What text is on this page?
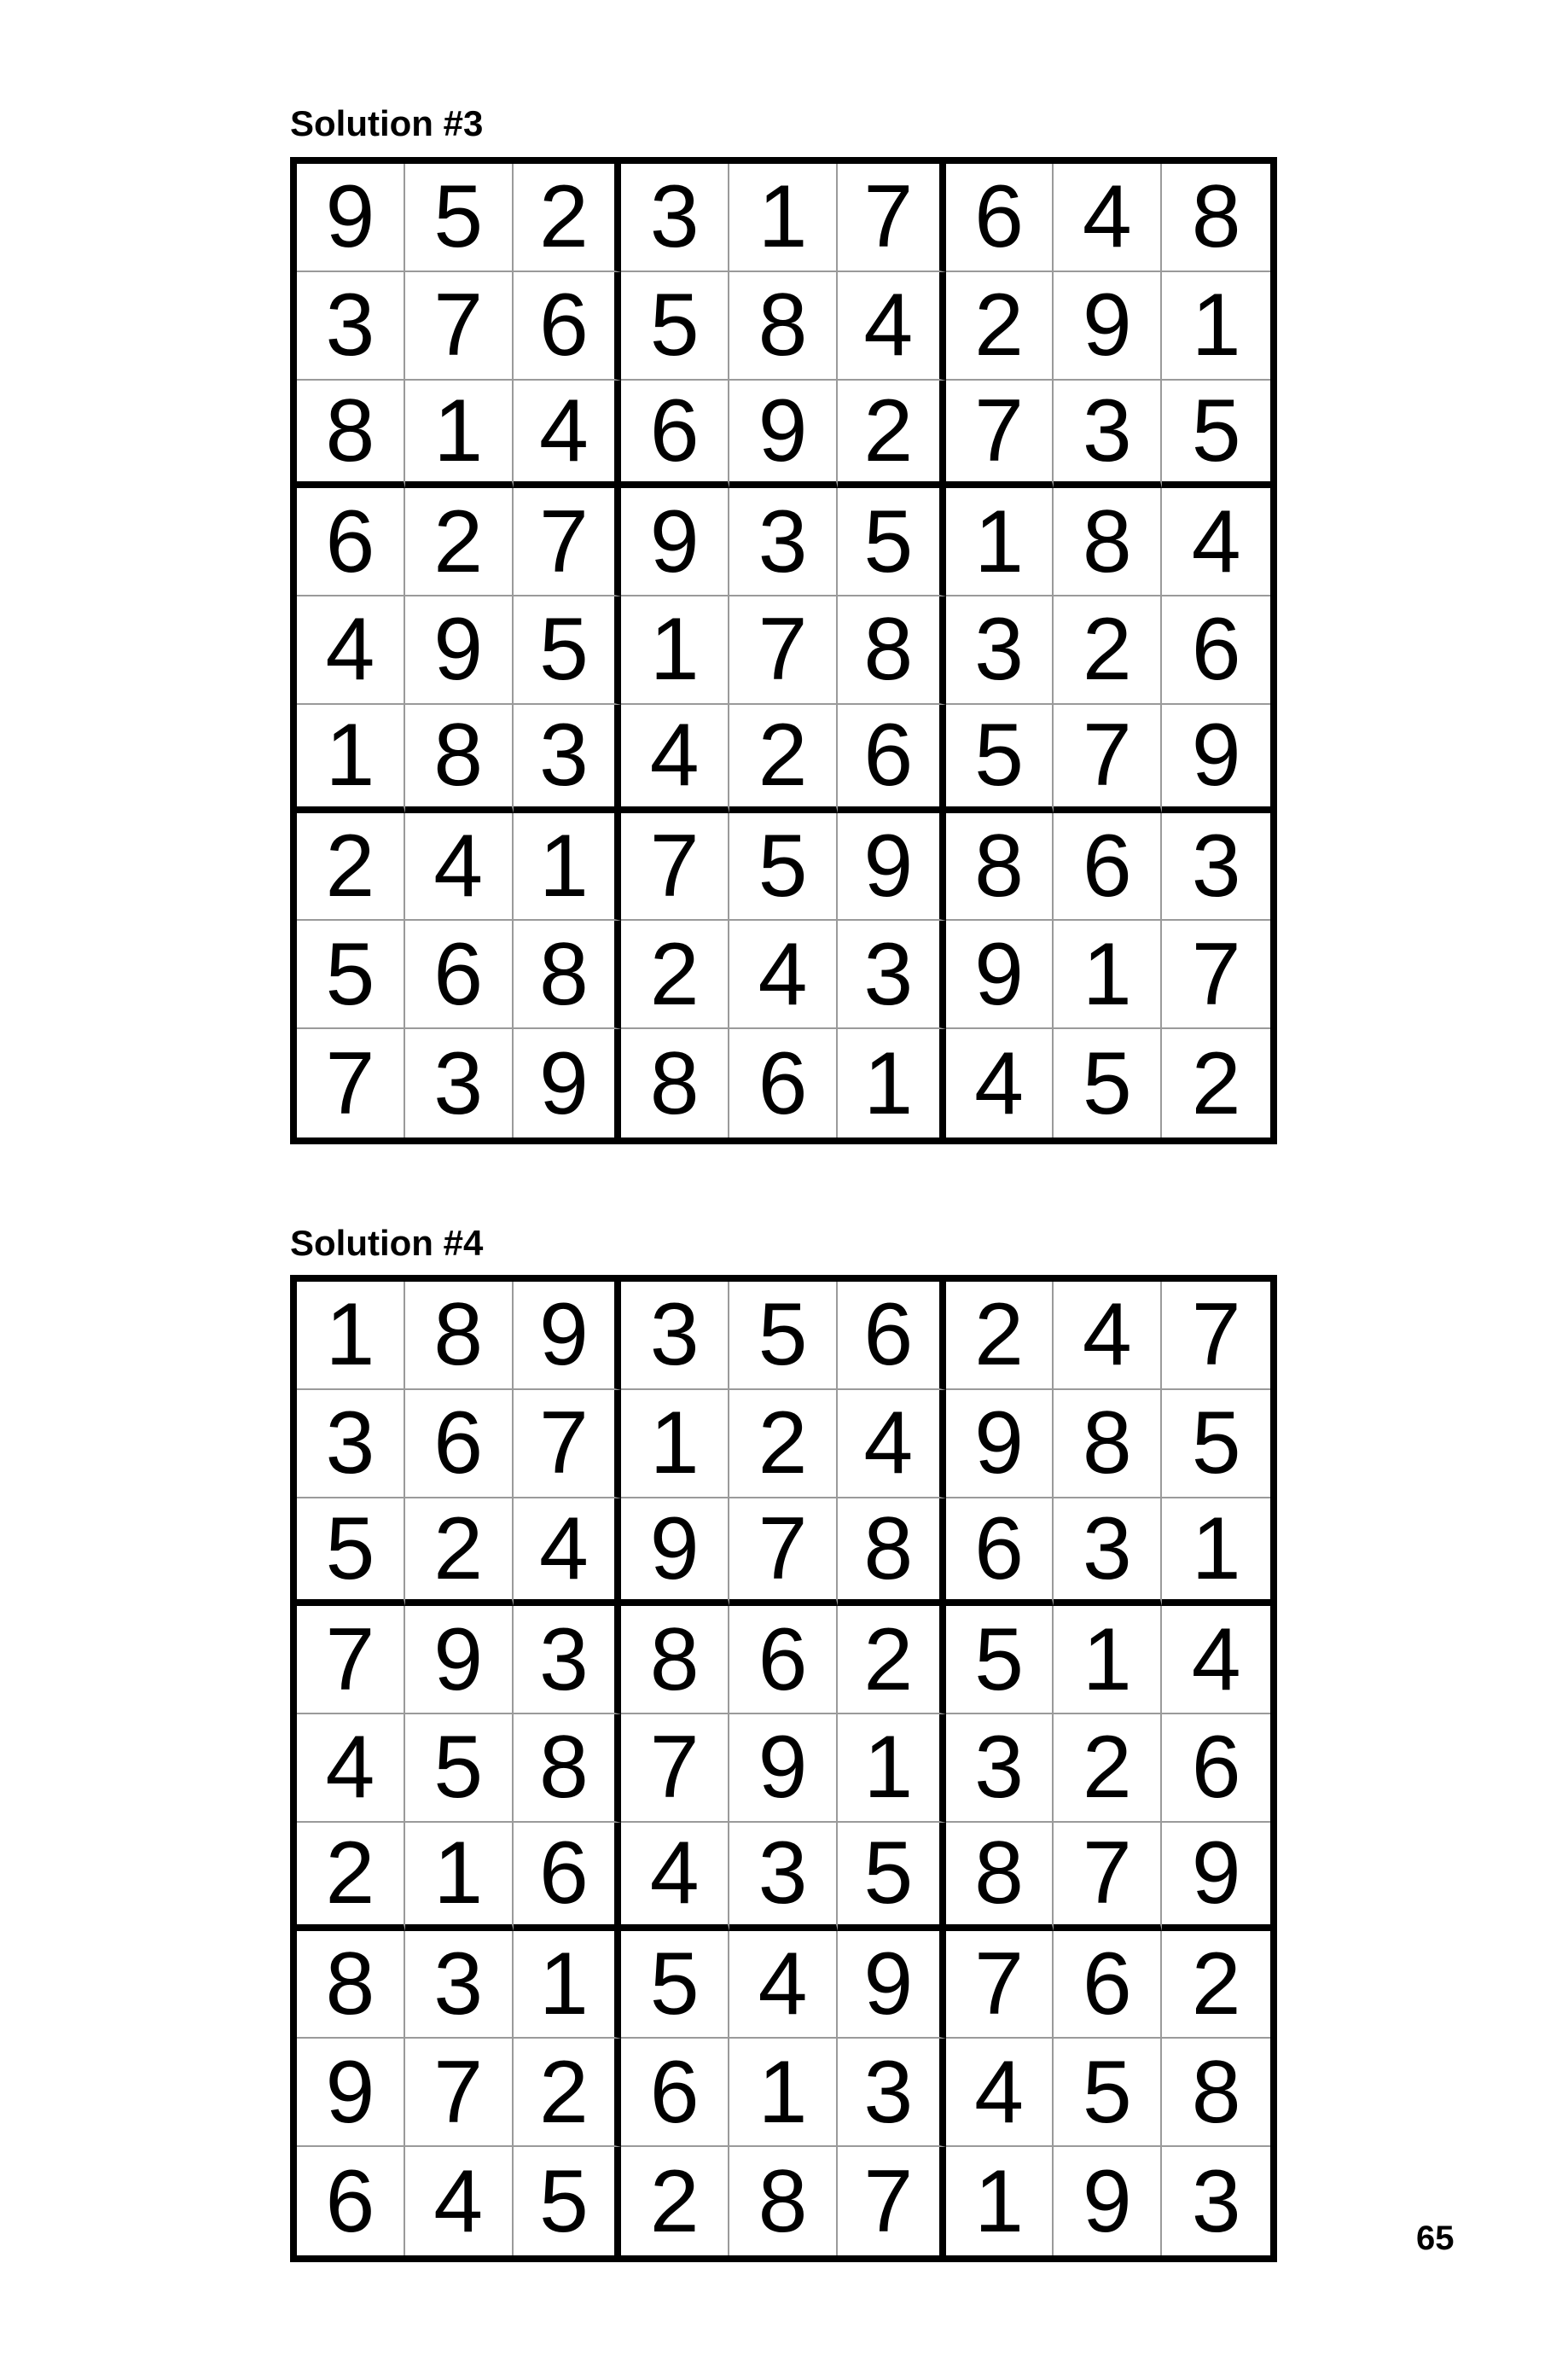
Solution #3
9 5 2 3 1 7 6 4 8
3 7 6 5 8 4 2 9 1
8 1 4 6 9 2 7 3 5
6 2 7 9 3 5 1 8 4
4 9 5 1 7 8 3 2 6
1 8 3 4 2 6 5 7 9
2 4 1 7 5 9 8 6 3
5 6 8 2 4 3 9 1 7
7 3 9 8 6 1 4 5 2
Solution #4
1 8 9 3 5 6 2 4 7
3 6 7 1 2 4 9 8 5
5 2 4 9 7 8 6 3 1
7 9 3 8 6 2 5 1 4
4 5 8 7 9 1 3 2 6
2 1 6 4 3 5 8 7 9
8 3 1 5 4 9 7 6 2
9 7 2 6 1 3 4 5 8
6 4 5 2 8 7 1 9 3	65
